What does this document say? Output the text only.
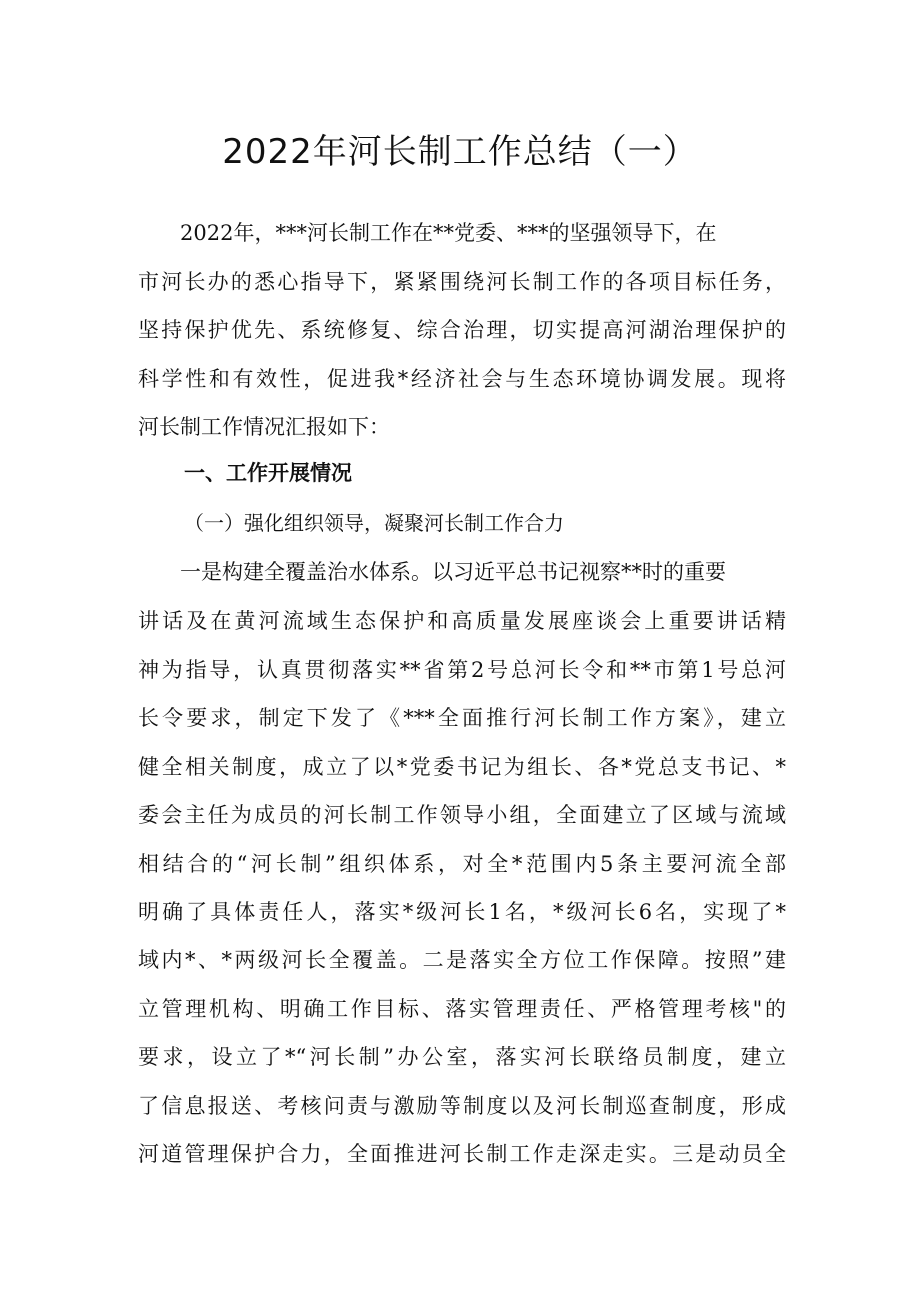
2022年河长制工作总结（一）
2022年，***河长制工作在**党委、***的坚强领导下，在
市河长办的悉心指导下，紧紧围绕河长制工作的各项目标任务，
坚持保护优先、系统修复、综合治理，切实提高河湖治理保护的
科学性和有效性，促进我*经济社会与生态环境协调发展。现将
河长制工作情况汇报如下：
一、工作开展情况
（一）强化组织领导，凝聚河长制工作合力
一是构建全覆盖治水体系。以习近平总书记视察**时的重要
讲话及在黄河流域生态保护和高质量发展座谈会上重要讲话精
神为指导，认真贯彻落实**省第2号总河长令和**市第1号总河
长令要求，制定下发了《***全面推行河长制工作方案》，建立
健全相关制度，成立了以*党委书记为组长、各*党总支书记、*
委会主任为成员的河长制工作领导小组，全面建立了区域与流域
相结合的“河长制”组织体系，对全*范围内5条主要河流全部
明确了具体责任人，落实*级河长1名，*级河长6名，实现了*
域内*、*两级河长全覆盖。二是落实全方位工作保障。按照”建
立管理机构、明确工作目标、落实管理责任、严格管理考核"的
要求，设立了*“河长制”办公室，落实河长联络员制度，建立
了信息报送、考核问责与激励等制度以及河长制巡查制度，形成
河道管理保护合力，全面推进河长制工作走深走实。三是动员全
